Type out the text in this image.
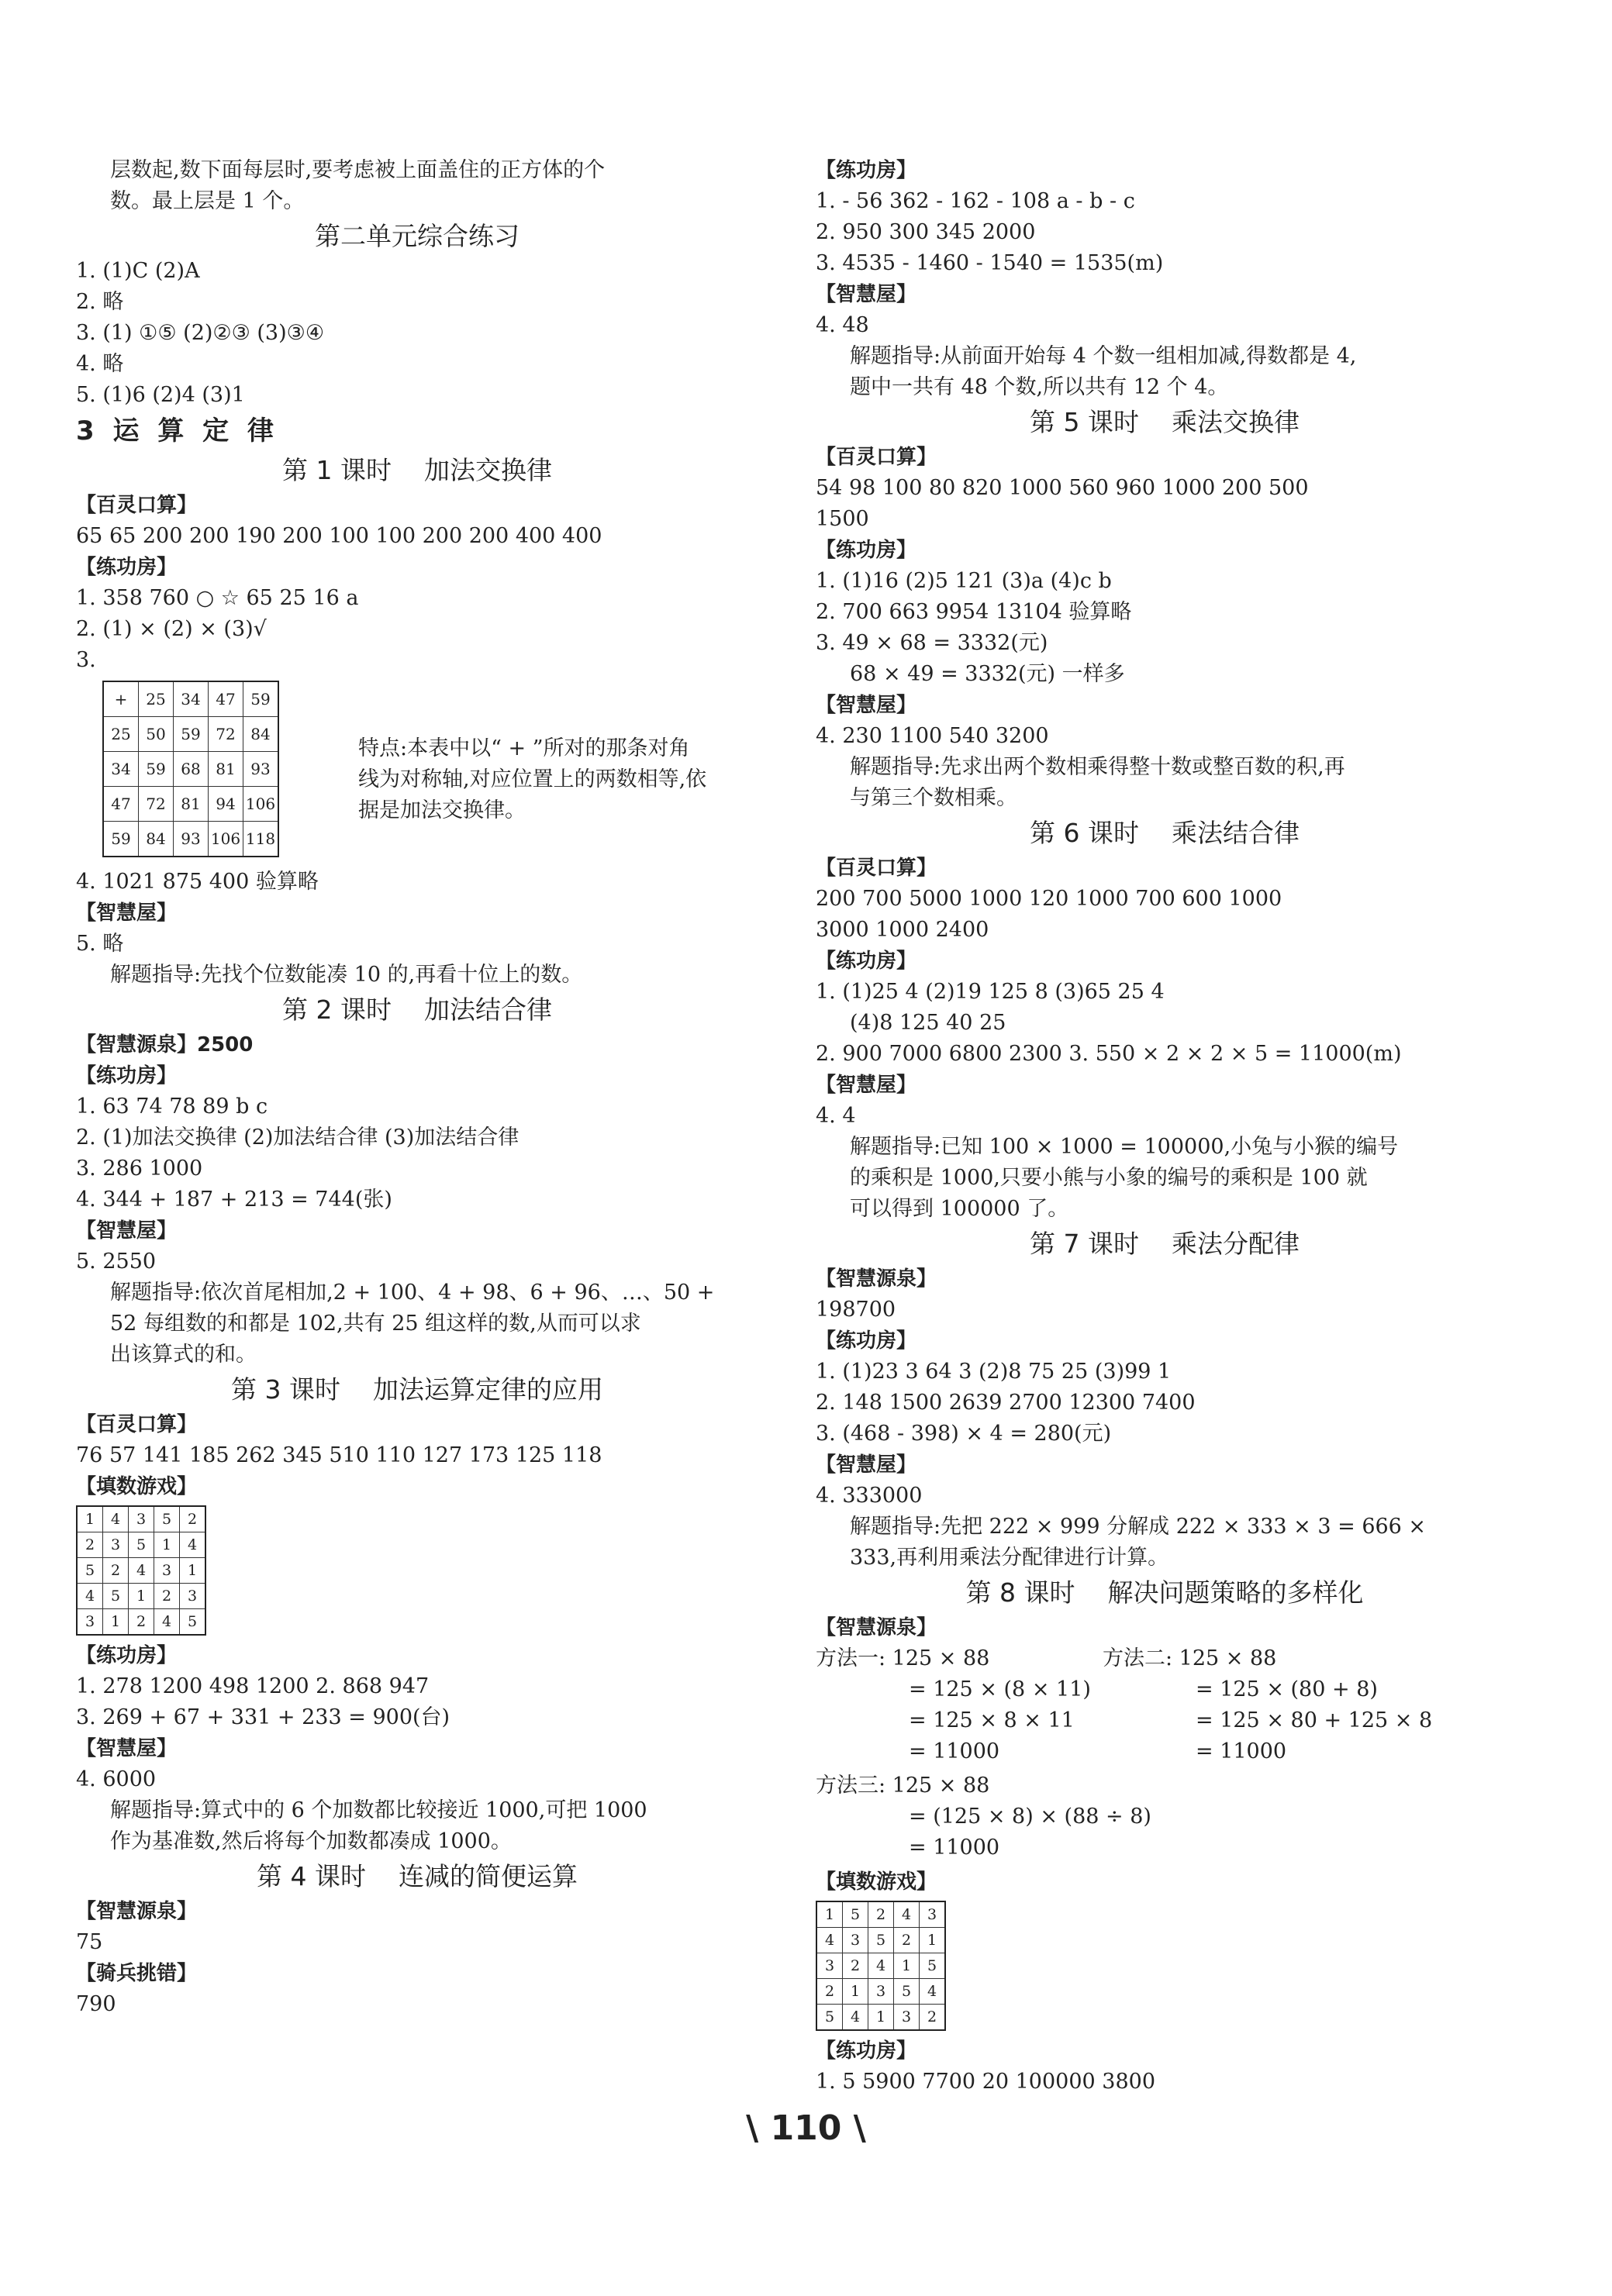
层数起,数下面每层时,要考虑被上面盖住的正方体的个
数。最上层是 1 个。
第二单元综合练习
1. (1)C (2)A
2. 略
3. (1) ①⑤ (2)②③ (3)③④
4. 略
5. (1)6 (2)4 (3)1
3 运 算 定 律
第 1 课时    加法交换律
【百灵口算】
65 65 200 200 190 200 100 100 200 200 400 400
【练功房】
1. 358 760 ○ ☆ 65 25 16 a
2. (1) × (2) × (3)√
3.
+	25	34	47	59
25	50	59	72	84
34	59	68	81	93
47	72	81	94	106
59	84	93	106	118
特点:本表中以“ + ”所对的那条对角线为对称轴,对应位置上的两数相等,依据是加法交换律。
4. 1021 875 400 验算略
【智慧屋】
5. 略
解题指导:先找个位数能凑 10 的,再看十位上的数。
第 2 课时    加法结合律
【智慧源泉】2500
【练功房】
1. 63 74 78 89 b c
2. (1)加法交换律 (2)加法结合律 (3)加法结合律
3. 286 1000
4. 344 + 187 + 213 = 744(张)
【智慧屋】
5. 2550
解题指导:依次首尾相加,2 + 100、4 + 98、6 + 96、…、50 +
52 每组数的和都是 102,共有 25 组这样的数,从而可以求
出该算式的和。
第 3 课时    加法运算定律的应用
【百灵口算】
76 57 141 185 262 345 510 110 127 173 125 118
【填数游戏】
1	4	3	5	2
2	3	5	1	4
5	2	4	3	1
4	5	1	2	3
3	1	2	4	5
【练功房】
1. 278 1200 498 1200 2. 868 947
3. 269 + 67 + 331 + 233 = 900(台)
【智慧屋】
4. 6000
解题指导:算式中的 6 个加数都比较接近 1000,可把 1000
作为基准数,然后将每个加数都凑成 1000。
第 4 课时    连减的简便运算
【智慧源泉】
75
【骑兵挑错】
790
【练功房】
1. - 56 362 - 162 - 108 a - b - c
2. 950 300 345 2000
3. 4535 - 1460 - 1540 = 1535(m)
【智慧屋】
4. 48
解题指导:从前面开始每 4 个数一组相加减,得数都是 4,
题中一共有 48 个数,所以共有 12 个 4。
第 5 课时    乘法交换律
【百灵口算】
54 98 100 80 820 1000 560 960 1000 200 500
1500
【练功房】
1. (1)16 (2)5 121 (3)a (4)c b
2. 700 663 9954 13104 验算略
3. 49 × 68 = 3332(元)
68 × 49 = 3332(元) 一样多
【智慧屋】
4. 230 1100 540 3200
解题指导:先求出两个数相乘得整十数或整百数的积,再
与第三个数相乘。
第 6 课时    乘法结合律
【百灵口算】
200 700 5000 1000 120 1000 700 600 1000
3000 1000 2400
【练功房】
1. (1)25 4 (2)19 125 8 (3)65 25 4
(4)8 125 40 25
2. 900 7000 6800 2300 3. 550 × 2 × 2 × 5 = 11000(m)
【智慧屋】
4. 4
解题指导:已知 100 × 1000 = 100000,小兔与小猴的编号
的乘积是 1000,只要小熊与小象的编号的乘积是 100 就
可以得到 100000 了。
第 7 课时    乘法分配律
【智慧源泉】
198700
【练功房】
1. (1)23 3 64 3 (2)8 75 25 (3)99 1
2. 148 1500 2639 2700 12300 7400
3. (468 - 398) × 4 = 280(元)
【智慧屋】
4. 333000
解题指导:先把 222 × 999 分解成 222 × 333 × 3 = 666 ×
333,再利用乘法分配律进行计算。
第 8 课时    解决问题策略的多样化
【智慧源泉】
方法一: 125 × 88
= 125 × (8 × 11)
= 125 × 8 × 11
= 11000
方法二: 125 × 88
= 125 × (80 + 8)
= 125 × 80 + 125 × 8
= 11000
方法三: 125 × 88
= (125 × 8) × (88 ÷ 8)
= 11000
【填数游戏】
1	5	2	4	3
4	3	5	2	1
3	2	4	1	5
2	1	3	5	4
5	4	1	3	2
【练功房】
1. 5 5900 7700 20 100000 3800
\ 110 \
